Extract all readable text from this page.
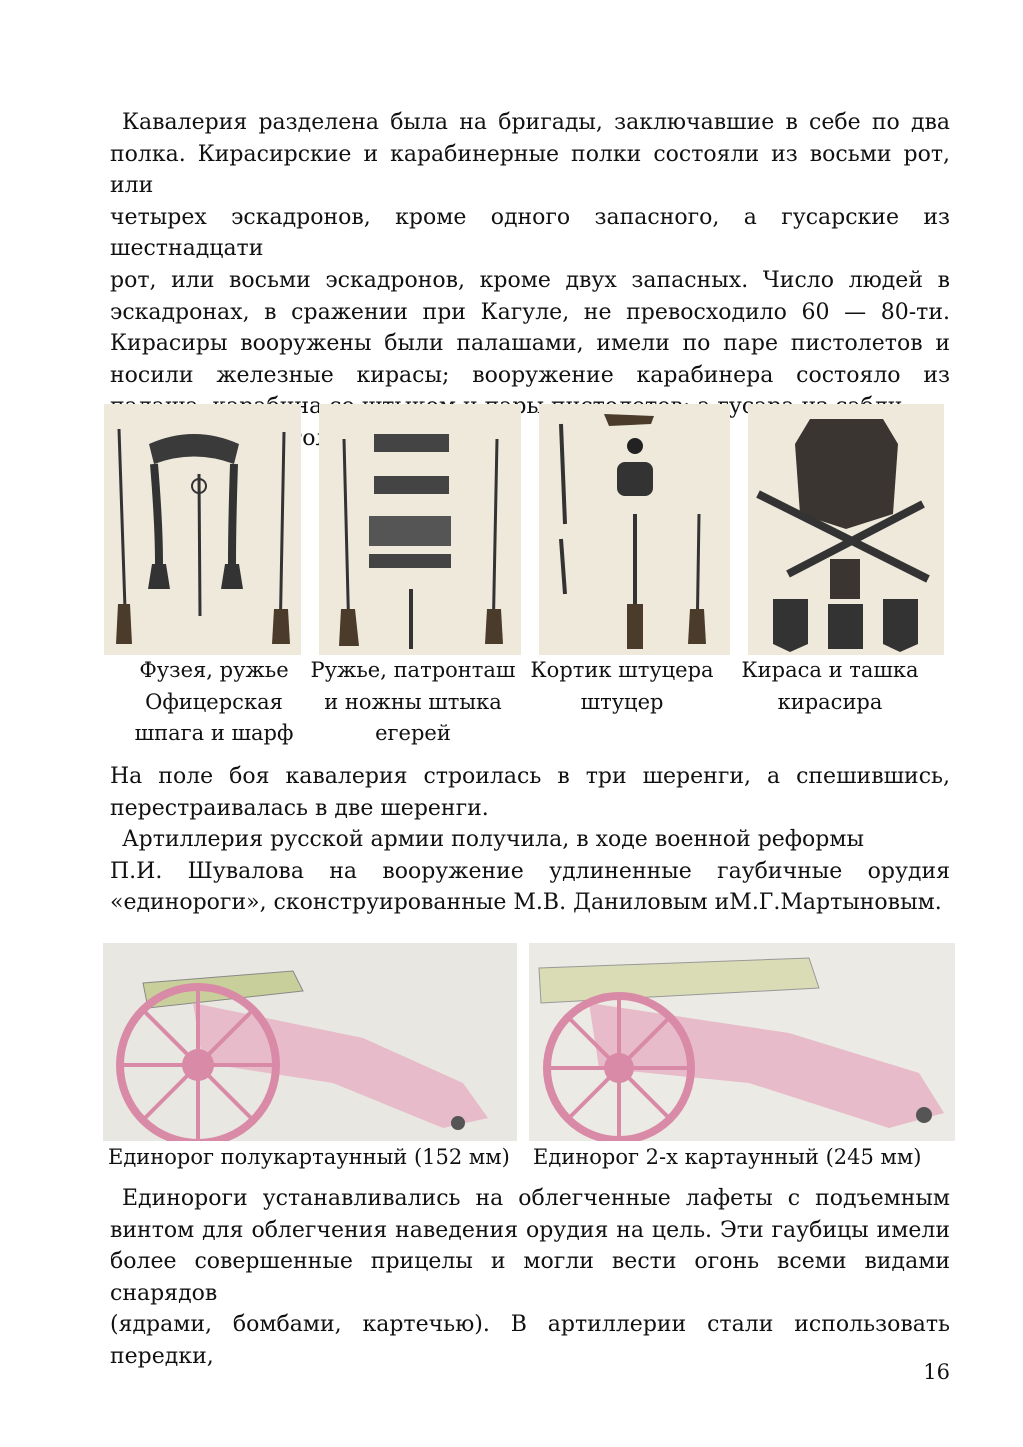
Кавалерия разделена была на бригады, заключавшие в себе по два
полка. Кирасирские и карабинерные полки состояли из восьми рот, или
четырех эскадронов, кроме одного запасного, а гусарские из шестнадцати
рот, или восьми эскадронов, кроме двух запасных. Число людей в
эскадронах, в сражении при Кагуле, не превосходило 60 — 80-ти.
Кирасиры вооружены были палашами, имели по паре пистолетов и
носили железные кирасы; вооружение карабинера состояло из
пистолетов.
Фузея, ружье
Офицерская
шпага и шарф
Ружье, патронташ
и ножны штыка
егерей
Кортик штуцера
штуцер
Кираса и ташка
кирасира
На поле боя кавалерия строилась в три шеренги, а спешившись,
перестраивалась в две шеренги.
Артиллерия русской армии получила, в ходе военной реформы
П.И. Шувалова на вооружение удлиненные гаубичные орудия
«единороги», сконструированные М.В. Даниловым иМ.Г.Мартыновым.
Единорог полукартаунный (152 мм) Единорог 2-х картаунный (245 мм)
Единороги устанавливались на облегченные лафеты с подъемным
винтом для облегчения наведения орудия на цель. Эти гаубицы имели
более совершенные прицелы и могли вести огонь всеми видами снарядов
(ядрами, бомбами, картечью). В артиллерии стали использовать передки,
16
